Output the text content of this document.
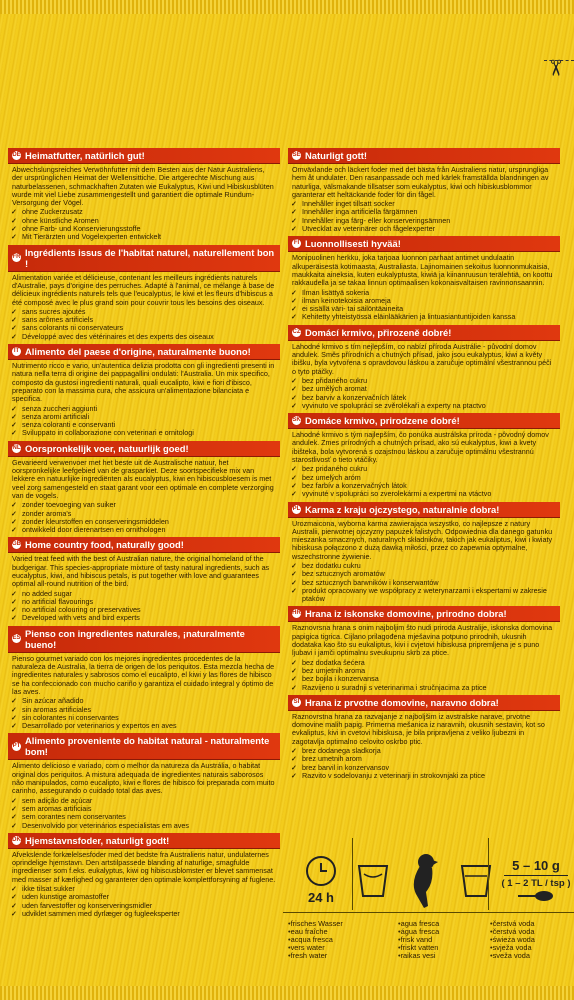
✂
DE Heimatfutter, natürlich gut!
Abwechslungsreiches Verwöhnfutter mit dem Besten aus der Natur Australiens, der ursprünglichen Heimat der Wellensittiche. Die artgerechte Mischung aus naturbelassenen, schmackhaften Zutaten wie Eukalyptus, Kiwi und Hibiskusblüten wurde mit viel Liebe zusammengestellt und garantiert die optimale Rundum-Versorgung der Vögel.
✓ ohne Zuckerzusatz
✓ ohne künstliche Aromen
✓ ohne Farb- und Konservierungsstoffe
✓ Mit Tierärzten und Vogelexperten entwickelt
FR Ingrédients issus de l'habitat naturel, naturellement bon !
Alimentation variée et délicieuse, contenant les meilleurs ingrédients naturels d'Australie, pays d'origine des perruches. Adapté à l'animal, ce mélange à base de délicieux ingrédients naturels tels que l'eucalyptus, le kiwi et les fleurs d'hibiscus a été composé avec le plus grand soin pour couvrir tous les besoins des oiseaux.
✓ sans sucres ajoutés
✓ sans arômes artificiels
✓ sans colorants ni conservateurs
✓ Développé avec des vétérinaires et des experts des oiseaux
IT Alimento del paese d'origine, naturalmente buono!
Nutrimento ricco e vario, un'autentica delizia prodotta con gli ingredienti presenti in natura nella terra di origine dei pappagallini ondulati: l'Australia. Un mix specifico, composto da gustosi ingredienti naturali, quali eucalipto, kiwi e fiori d'ibisco, preparato con la massima cura, che assicura un'alimentazione bilanciata e specifica.
✓ senza zuccheri aggiunti
✓ senza aromi artificiali
✓ senza coloranti e conservanti
✓ Sviluppato in collaborazione con veterinari e ornitologi
NL Oorspronkelijk voer, natuurlijk goed!
Gevarieerd verwenvoer met het beste uit de Australische natuur, het oorspronkelijke leefgebied van de grasparkiet. Deze soortspecifieke mix van lekkere en natuurlijke ingrediënten als eucalyptus, kiwi en hibiscusbloesem is met veel zorg samengesteld en staat garant voor een optimale en complete verzorging van de vogels.
✓ zonder toevoeging van suiker
✓ zonder aroma's
✓ zonder kleurstoffen en conserveringsmiddelen
✓ ontwikkeld door dierenartsen en ornithologen
GB Home country food, naturally good!
Varied treat feed with the best of Australian nature, the original homeland of the budgerigar. This species-appropriate mixture of tasty natural ingredients, such as eucalyptus, kiwi, and hibiscus petals, is put together with love and guarantees optimal all-round nutrition of the bird.
✓ no added sugar
✓ no artificial flavourings
✓ no artificial colouring or preservatives
✓ Developed with vets and bird experts
ES Pienso con ingredientes naturales, ¡naturalmente bueno!
Pienso gourmet variado con los mejores ingredientes procedentes de la naturaleza de Australia, la tierra de origen de los periquitos. Esta mezcla hecha de ingredientes naturales y sabrosos como el eucalipto, el kiwi y las flores de hibisco se ha confeccionado con mucho cariño y garantiza el cuidado integral y óptimo de las aves.
✓ Sin azúcar añadido
✓ sin aromas artificiales
✓ sin colorantes ni conservantes
✓ Desarrollado por veterinarios y expertos en aves
PT Alimento proveniente do habitat natural - naturalmente bom!
Alimento delicioso e variado, com o melhor da natureza da Austrália, o habitat original dos periquitos. A mistura adequada de ingredientes naturais saborosos não manipulados, como eucalipto, kiwi e flores de hibisco foi preparada com muito carinho, assegurando o cuidado total das aves.
✓ sem adição de açúcar
✓ sem aromas artificiais
✓ sem corantes nem conservantes
✓ Desenvolvido por veterinários especialistas em aves
DK Hjemstavnsfoder, naturligt godt!
Afvekslende forkælelsesfoder med det bedste fra Australiens natur, undulaternes oprindelige hjemstavn. Den artstilpassede blanding af naturlige, smagfulde ingredienser som f.eks. eukalyptus, kiwi og hibiscusblomster er blevet sammensat med masser af kærlighed og garanterer den optimale komplettforsyning af fuglene.
✓ ikke tilsat sukker
✓ uden kunstige aromastoffer
✓ uden farvestoffer og konserveringsmidler
✓ udviklet sammen med dyrlæger og fugleeksperter
SE Naturligt gott!
Omväxlande och läckert foder med det bästa från Australiens natur, ursprungliga hem åt undulater. Den rasanpassade och med kärlek framställda blandningen av naturliga, välsmakande tillsatser som eukalyptus, kiwi och hibiskusblommor garanterar ett heltäckande foder för din fågel.
✓ Innehåller inget tillsatt socker
✓ Innehåller inga artificiella färgämnen
✓ Innehåller inga färg- eller konserveringsämnen
✓ Utvecklat av veterinärer och fågelexperter
FI Luonnollisesti hyvää!
Monipuolinen herkku, joka tarjoaa luonnon parhaat antimet undulaatin alkuperäisestä kotimaasta, Australiasta. Lajinomainen sekoitus luonnonmukaisia, maukkaita aineksia, kuten eukalyptusta, kiwiä ja kiinanruusun terälehtiä, on koottu rakkaudella ja se takaa linnun optimaalisen kokonaisvaltaisen ravinnonsaannin.
✓ Ilman lisättyä sokeria
✓ ilman keinotekoisia aromeja
✓ ei sisällä väri- tai säilöntäaineita
✓ Kehitetty yhteistyössä eläinlääkärien ja lintuasiantuntijoiden kanssa
CZ Domácí krmivo, přirozeně dobré!
Lahodné krmivo s tím nejlepším, co nabízí příroda Austrálie - původní domov andulek. Směs přírodních a chutných přísad, jako jsou eukalyptus, kiwi a květy ibišku, byla vytvořena s opravdovou láskou a zaručuje optimální všestrannou péči o tyto ptáčky.
✓ bez přidaného cukru
✓ bez umělých aromat
✓ bez barviv a konzervačních látek
✓ vyvinuto ve spolupráci se zvěrolékaři a experty na ptactvo
SK Domáce krmivo, prirodzene dobré!
Lahodné krmivo s tým najlepším, čo ponúka austrálska príroda - pôvodný domov andulek. Zmes prírodných a chutných prísad, ako sú eukalyptus, kiwi a kvety ibišteka, bola vytvorená s ozajstnou láskou a zaručuje optimálnu všestrannú starostlivosť o tieto vtáčiky.
✓ bez pridaného cukru
✓ bez umelých aróm
✓ bez farbív a konzervačných látok
✓ vyvinuté v spolupráci so zverolekármi a expertmi na vtáctvo
PL Karma z kraju ojczystego, naturalnie dobra!
Urozmaicona, wyborna karma zawierająca wszystko, co najlepsze z natury Australii, pierwotnej ojczyzny papużek falistych. Odpowiednia dla danego gatunku mieszanka smacznych, naturalnych składników, takich jak eukaliptus, kiwi i kwiaty hibiskusa połączono z dużą dawką miłości, przez co zapewnia optymalne, wszechstronne żywienie.
✓ bez dodatku cukru
✓ bez sztucznych aromatów
✓ bez sztucznych barwników i konserwantów
✓ produkt opracowany we współpracy z weterynarzami i ekspertami w zakresie ptaków
HR Hrana iz iskonske domovine, prirodno dobra!
Raznovrsna hrana s onim najboljim što nudi priroda Australije, iskonska domovina papigica tigrica. Cijlano prilagođena mješavina potpuno prirodnih, ukusnih dodataka kao što su eukaliptus, kivi i cvjetovi hibiskusa pripremljena je s puno ljubavi i jamči optimalnu sveukupnu skrb za ptice.
✓ bez dodatka šećera
✓ bez umjetnih aroma
✓ bez bojila i konzervansa
✓ Razvijeno u suradnji s veterinarima i stručnjacima za ptice
SI Hrana iz prvotne domovine, naravno dobra!
Raznovrstna hrana za razvajanje z najboljšim iz avstralske narave, prvotne domovine malih papig. Primerna mešanica iz naravnih, okusnih sestavin, kot so evkaliptus, kivi in cvetovi hibiskusa, je bila pripravljena z veliko ljubezni in zagotavlja optimalno celovito oskrbo ptic.
✓ brez dodanega sladkorja
✓ brez umetnih arom
✓ brez barvil in konzervansov
✓ Razvito v sodelovanju z veterinarji in strokovnjaki za ptice
24 h
5 – 10 g
( 1 – 2 TL / tsp )
• frisches Wasser
• eau fraîche
• acqua fresca
• vers water
• fresh water
• agua fresca
• água fresca
• frisk vand
• friskt vatten
• raikas vesi
• čerstvá voda
• čerstvá voda
• świeża woda
• svježa voda
• sveža voda
